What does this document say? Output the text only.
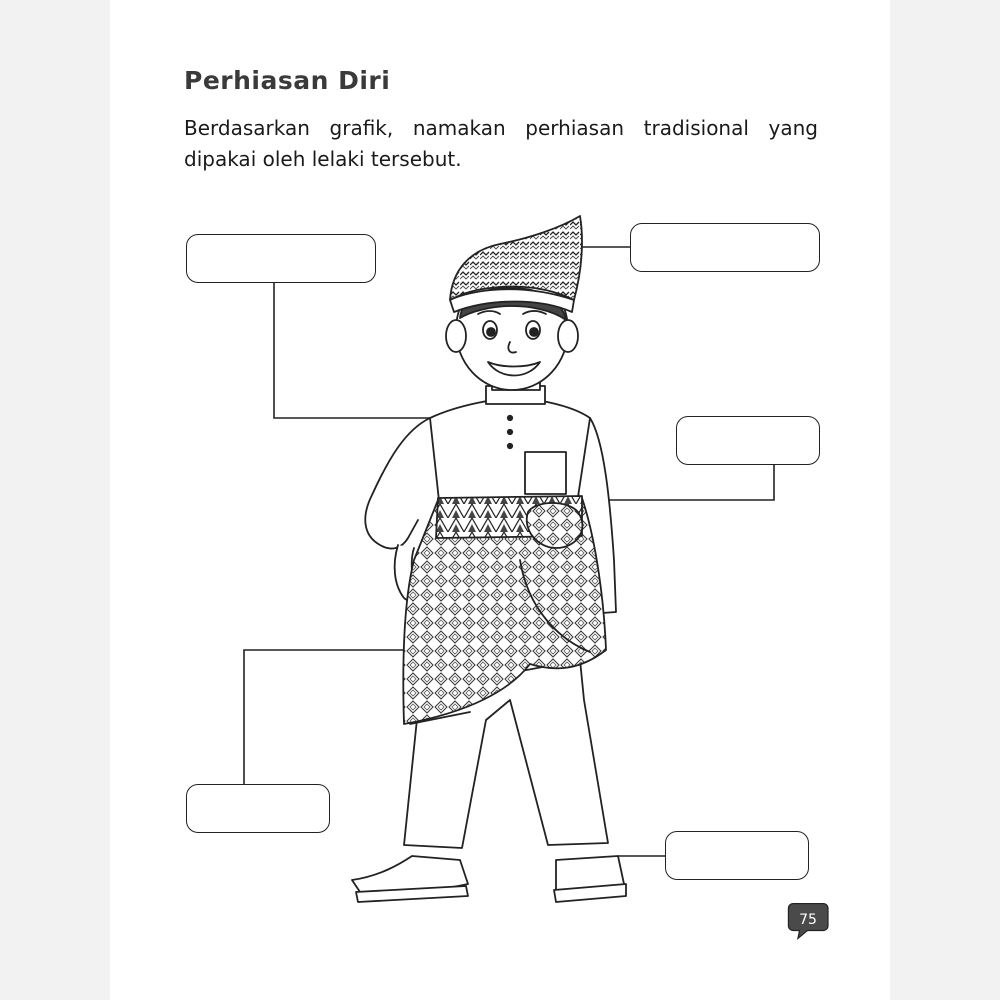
Perhiasan Diri
Berdasarkan grafik, namakan perhiasan tradisional yang dipakai oleh lelaki tersebut.
75
